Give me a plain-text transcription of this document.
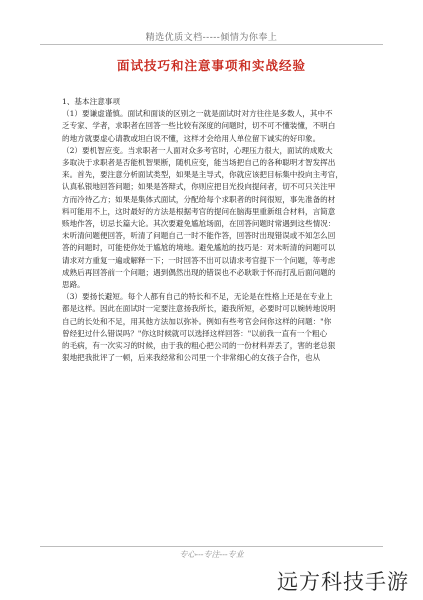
精选优质文档-----倾情为你奉上
面试技巧和注意事项和实战经验

1、基本注意事项

（1）要谦虚谨慎。面试和面谈的区别之一就是面试时对方往往是多数人，其中不

乏专家、学者，求职者在回答一些比较有深度的问题时，切不可不懂装懂，不明白

的地方就要虚心请教或坦白说不懂，这样才会给用人单位留下诚实的好印象。

（2）要机智应变。当求职者一人面对众多考官时，心理压力很大，面试的成败大

多取决于求职者是否能机智果断，随机应变，能当场把自己的各种聪明才智发挥出

来。首先，要注意分析面试类型，如果是主导式，你就应该把目标集中投向主考官，

认真私银地回答问题；如果是答辩式，你则应把目光投向提问者，切不可只关注甲

方而冷待乙方；如果是集体式面试，分配给每个求职者的时间很短，事先准备的材

料可能用不上，这时最好的方法是根据考官的提问在脑海里重新组合材料，言简意

赅地作答，切忌长篇大论。其次要避免尴尬场面，在回答问题时常遇到这些情况：

未听清问题便回答，听清了问题自己一时不能作答，回答时出现错误或不知怎么回

答的问题时，可能使你处于尴尬的境地。避免尴尬的技巧是：对未听清的问题可以

请求对方重复一遍或解释一下；一时回答不出可以请求考官提下一个问题，等考虑

成熟后再回答前一个问题；遇到偶然出现的错误也不必耿耿于怀而打乱后面问题的

思路。

（3）要扬长避短。每个人都有自己的特长和不足，无论是在性格上还是在专业上

都是这样。因此在面试时一定要注意扬我所长，避我所短，必要时可以婉转地说明

自己的长处和不足，用其他方法加以弥补。例如有些考官会问你这样的问题："你

曾经犯过什么错误吗？"你这时候就可以选择这样回答："以前我一直有一个粗心

的毛病，有一次实习的时候，由于我的粗心把公司的一份材料弄丢了，害的老总狠

狠地把我批评了一顿，后来我经常和公司里一个非常细心的女孩子合作，也从

专心---专注---专业
远方科技手游
